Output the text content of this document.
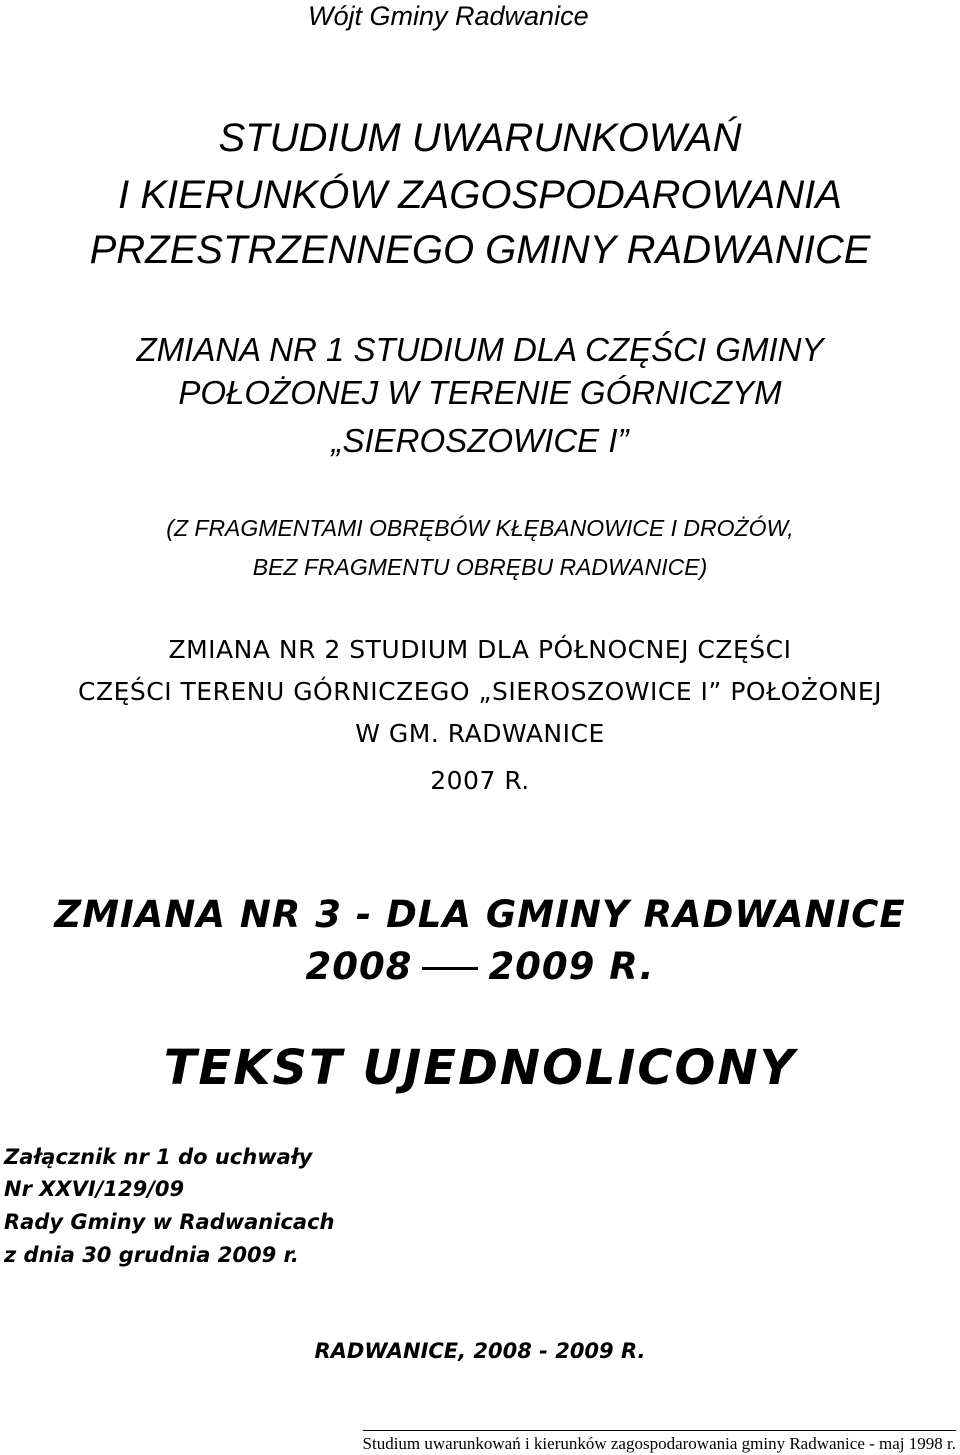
Wójt Gminy Radwanice

STUDIUM UWARUNKOWAŃ

I KIERUNKÓW ZAGOSPODAROWANIA

PRZESTRZENNEGO GMINY RADWANICE

ZMIANA NR 1 STUDIUM DLA CZĘŚCI GMINY

POŁOŻONEJ W TERENIE GÓRNICZYM

„SIEROSZOWICE I”

(Z FRAGMENTAMI OBRĘBÓW KŁĘBANOWICE I DROŻÓW,

BEZ FRAGMENTU OBRĘBU RADWANICE)

ZMIANA NR 2 STUDIUM DLA PÓŁNOCNEJ CZĘŚCI

CZĘŚCI TERENU GÓRNICZEGO „SIEROSZOWICE I” POŁOŻONEJ

W GM. RADWANICE

2007 R.

ZMIANA NR 3 - DLA GMINY RADWANICE

2008 2009 R.

TEKST UJEDNOLICONY

Załącznik nr 1 do uchwały

Nr XXVI/129/09

Rady Gminy w Radwanicach

z dnia 30 grudnia 2009 r.

RADWANICE, 2008 - 2009 R.

Studium uwarunkowań i kierunków zagospodarowania gminy Radwanice - maj 1998 r.
